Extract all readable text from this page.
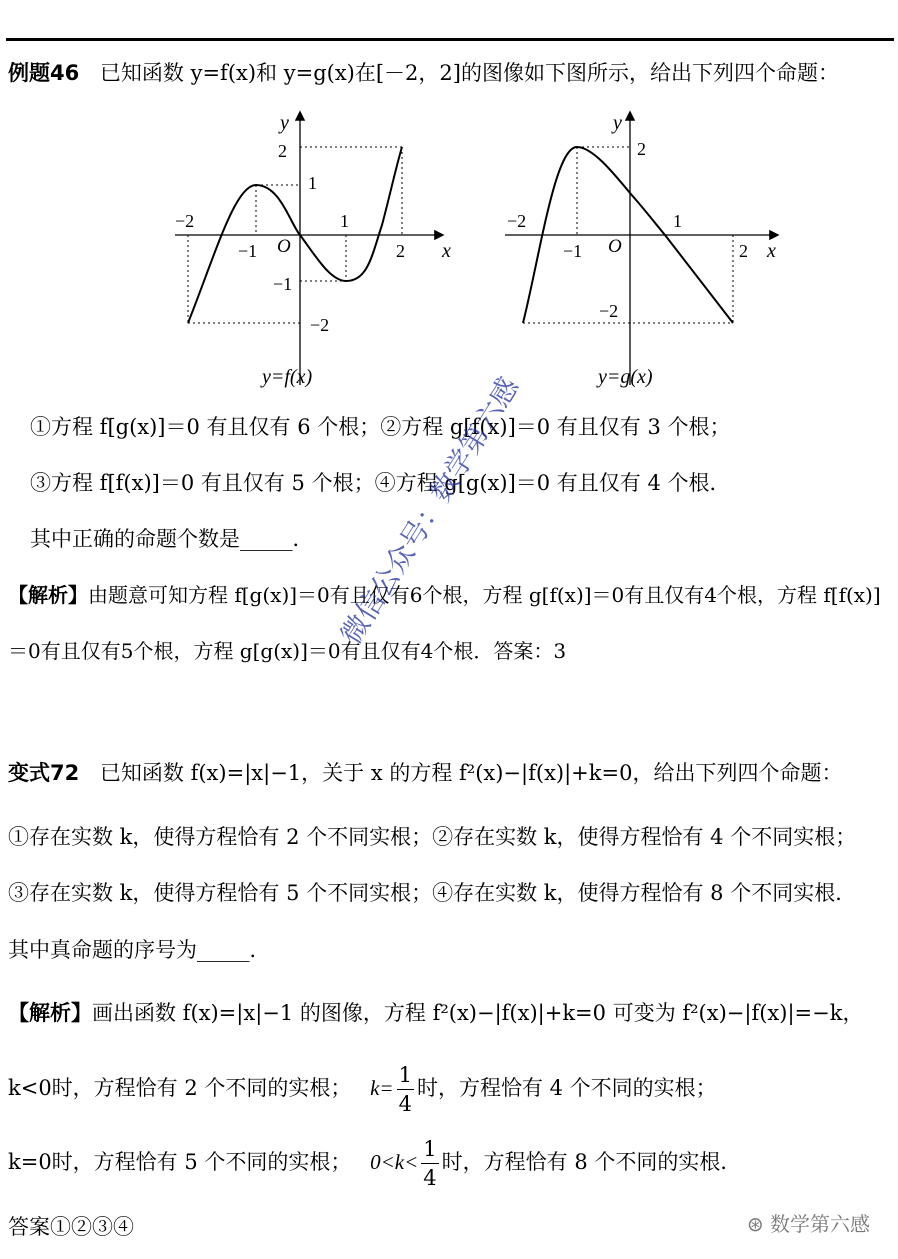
例题46 已知函数 y=f(x)和 y=g(x)在[－2，2]的图像如下图所示，给出下列四个命题：
x
y
O
−2
−1
1
2
1
−1
−2
2
y=f(x)
x
y
O
−2
−1
1
2
2
−2
y=g(x)
①方程 f[g(x)]＝0 有且仅有 6 个根；②方程 g[f(x)]＝0 有且仅有 3 个根；
③方程 f[f(x)]＝0 有且仅有 5 个根；④方程 g[g(x)]＝0 有且仅有 4 个根．
其中正确的命题个数是_____．
【解析】由题意可知方程 f[g(x)]＝0有且仅有6个根，方程 g[f(x)]＝0有且仅有4个根，方程 f[f(x)]
＝0有且仅有5个根，方程 g[g(x)]＝0有且仅有4个根．答案：3
微信公众号：数学第六感
变式72 已知函数 f(x)=|x|−1，关于 x 的方程 f²(x)−|f(x)|+k=0，给出下列四个命题：
①存在实数 k，使得方程恰有 2 个不同实根；②存在实数 k，使得方程恰有 4 个不同实根；
③存在实数 k，使得方程恰有 5 个不同实根；④存在实数 k，使得方程恰有 8 个不同实根．
其中真命题的序号为_____．
【解析】画出函数 f(x)=|x|−1 的图像，方程 f²(x)−|f(x)|+k=0 可变为 f²(x)−|f(x)|=−k，
k<0时，方程恰有 2 个不同的实根； $k= \frac{1}{4}$ 时，方程恰有 4 个不同的实根；
k=0时，方程恰有 5 个不同的实根； $0<k< \frac{1}{4}$ 时，方程恰有 8 个不同的实根．
答案①②③④	⊛ 数学第六感
